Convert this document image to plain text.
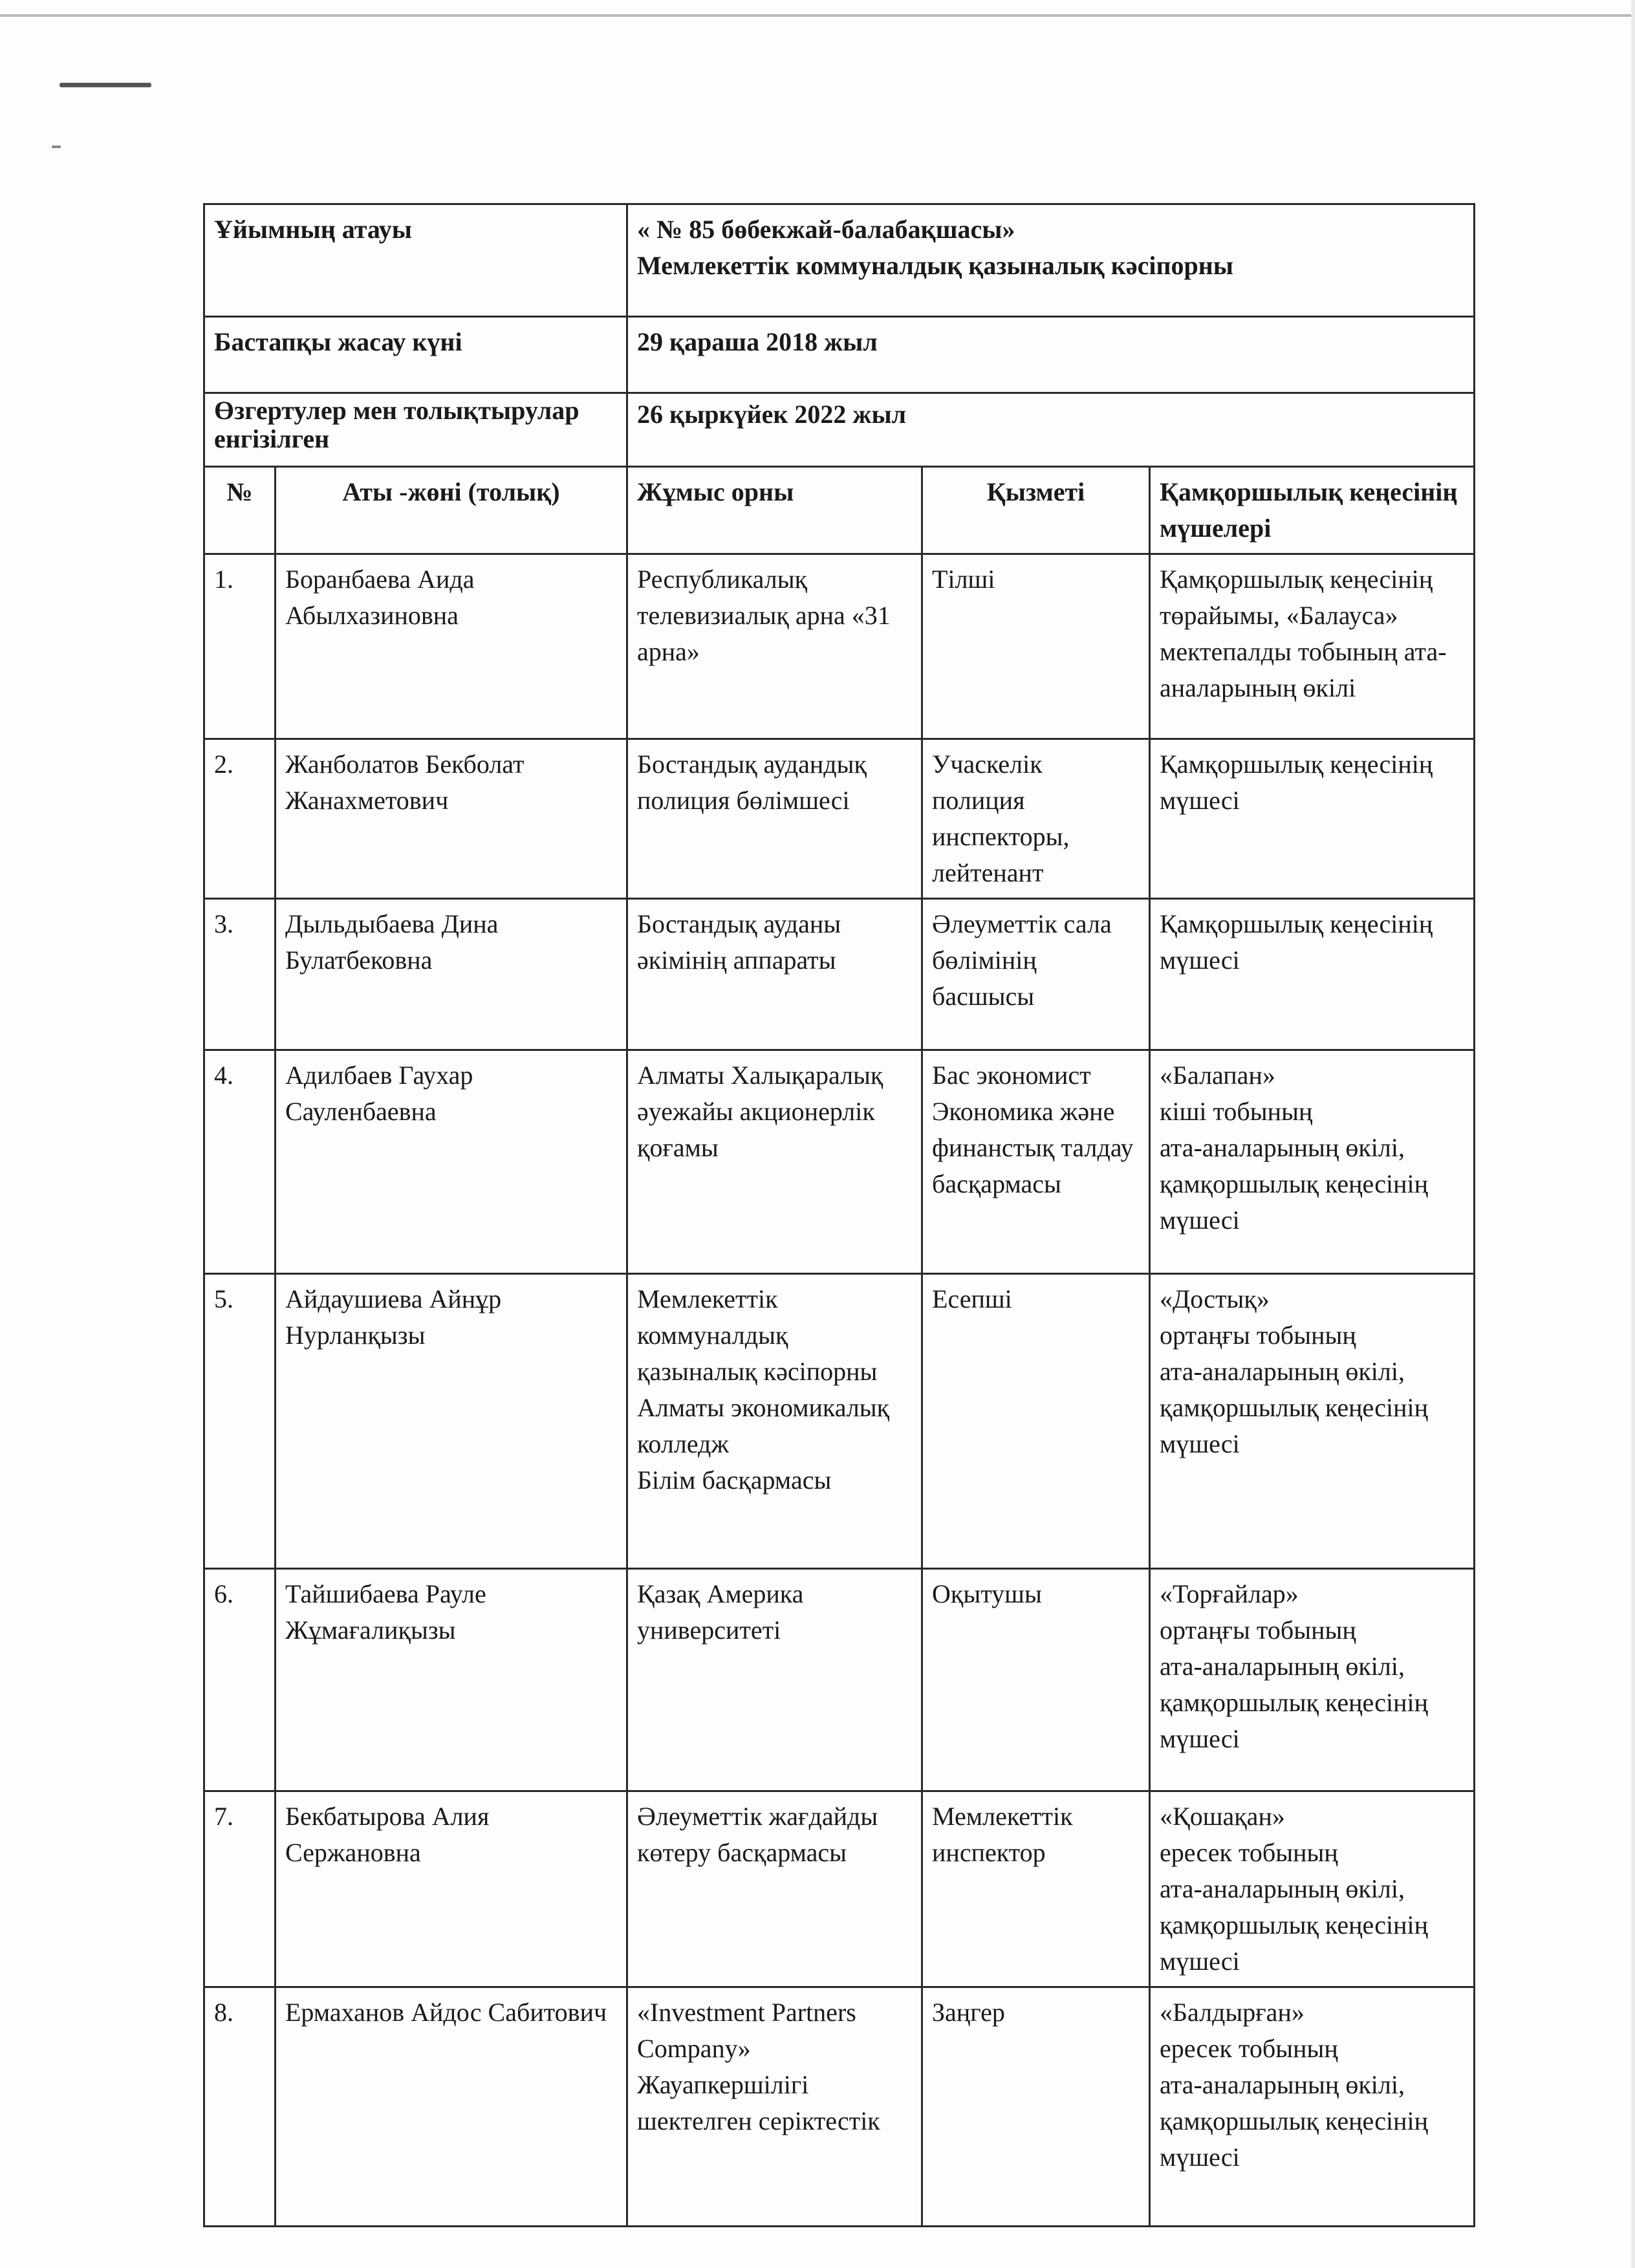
Ұйымның атауы		« № 85 бөбекжай-балабақшасы»
Мемлекеттік коммуналдық қазыналық кәсіпорны		
Бастапқы жасау күні		29 қараша 2018 жыл		
Өзгертулер мен толықтырулар енгізілген		26 қыркүйек 2022 жыл		
№	Аты -жөні (толық)	Жұмыс орны	Қызметі	Қамқоршылық кеңесінің мүшелері
1.	Боранбаева Аида Абылхазиновна	Республикалық телевизиалық арна «31 арна»	Тілші	Қамқоршылық кеңесінің төрайымы, «Балауса» мектепалды тобының ата-аналарының өкілі
2.	Жанболатов Бекболат Жанахметович	Бостандық аудандық полиция бөлімшесі	Учаскелік полиция инспекторы, лейтенант	Қамқоршылық кеңесінің мүшесі
3.	Дыльдыбаева Дина Булатбековна	Бостандық ауданы әкімінің аппараты	Әлеуметтік сала бөлімінің басшысы	Қамқоршылық кеңесінің мүшесі
4.	Адилбаев Гаухар Сауленбаевна	Алматы Халықаралық әуежайы акционерлік қоғамы	Бас экономист Экономика және финанстық талдау басқармасы	«Балапан»
кіші тобының
ата-аналарының өкілі, қамқоршылық кеңесінің мүшесі
5.	Айдаушиева Айнұр Нурланқызы	Мемлекеттік коммуналдық қазыналық кәсіпорны
Алматы экономикалық колледж
Білім басқармасы	Есепші	«Достық»
ортаңғы тобының
ата-аналарының өкілі, қамқоршылық кеңесінің мүшесі
6.	Тайшибаева Рауле Жұмағалиқызы	Қазақ Америка университеті	Оқытушы	«Торғайлар»
ортаңғы тобының
ата-аналарының өкілі, қамқоршылық кеңесінің мүшесі
7.	Бекбатырова Алия Сержановна	Әлеуметтік жағдайды көтеру басқармасы	Мемлекеттік инспектор	«Қошақан»
ересек тобының
ата-аналарының өкілі, қамқоршылық кеңесінің мүшесі
8.	Ермаханов Айдос Сабитович	«Investment Partners Company» Жауапкершілігі шектелген серіктестік	Заңгер	«Балдырған»
ересек тобының
ата-аналарының өкілі, қамқоршылық кеңесінің мүшесі
